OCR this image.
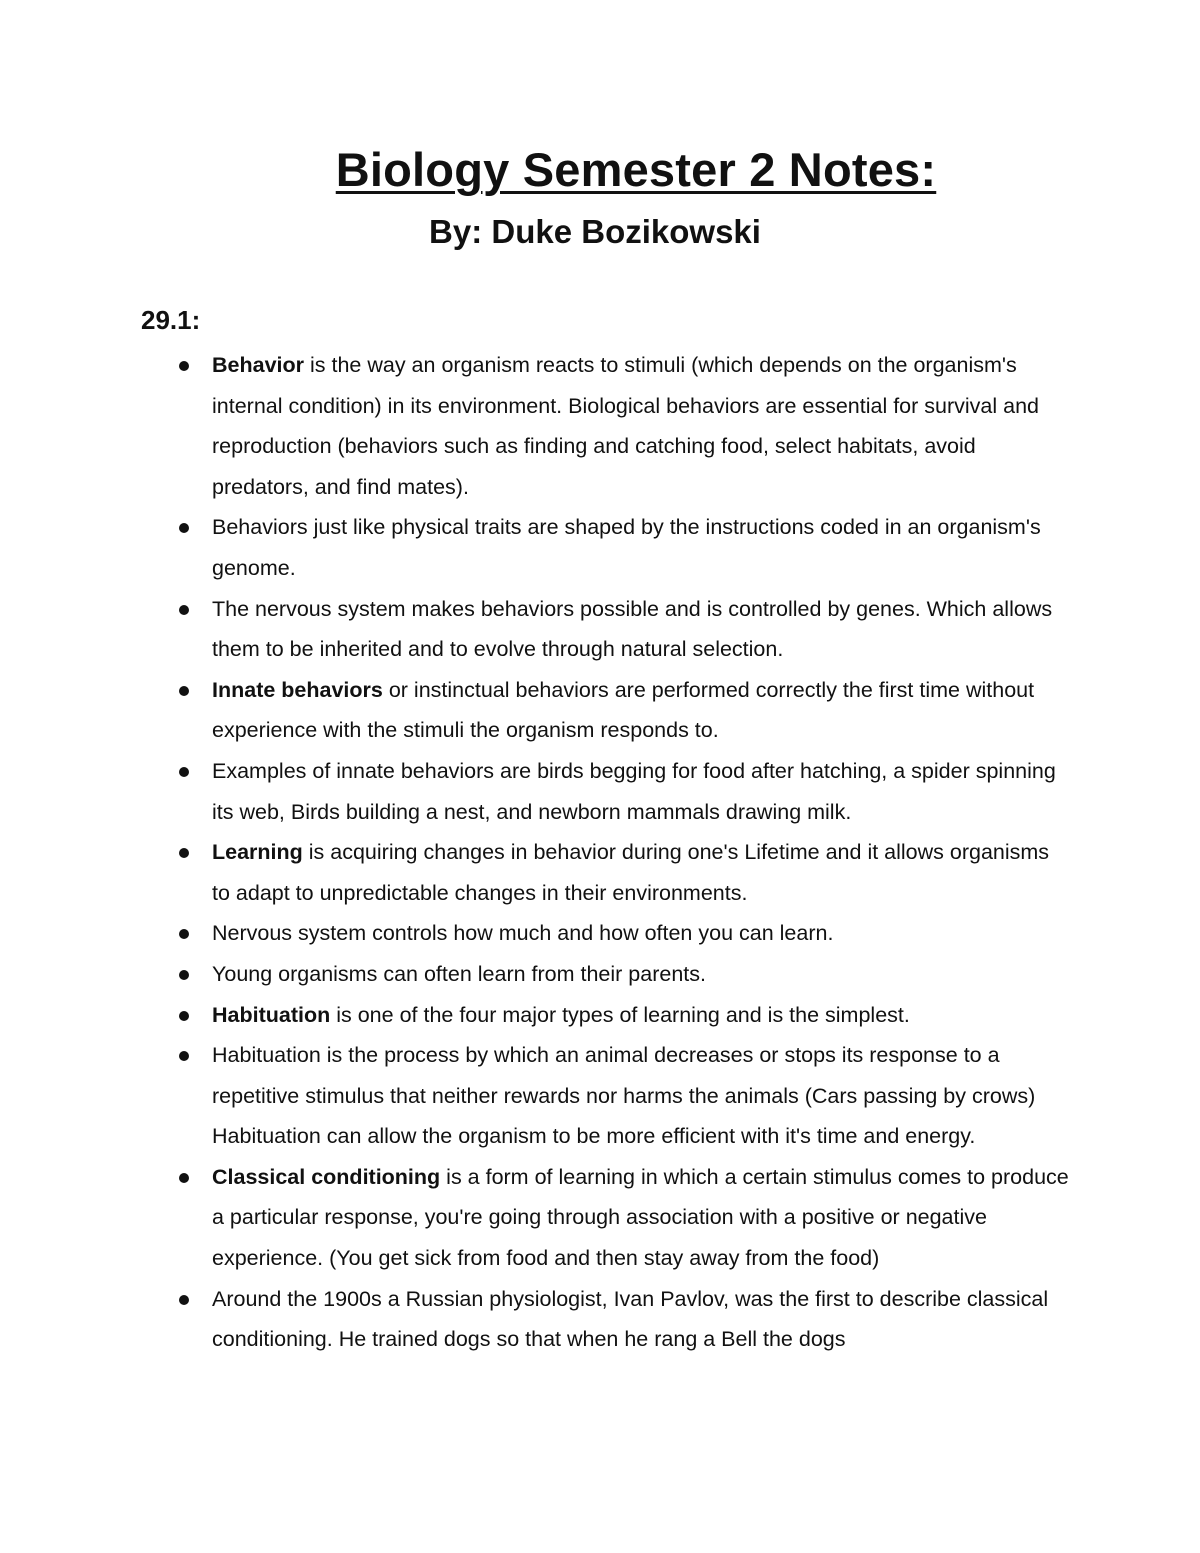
Biology Semester 2 Notes:
By: Duke Bozikowski
29.1:
Behavior is the way an organism reacts to stimuli (which depends on the organism's internal condition) in its environment. Biological behaviors are essential for survival and reproduction (behaviors such as finding and catching food, select habitats, avoid predators, and find mates).
Behaviors just like physical traits are shaped by the instructions coded in an organism's genome.
The nervous system makes behaviors possible and is controlled by genes. Which allows them to be inherited and to evolve through natural selection.
Innate behaviors or instinctual behaviors are performed correctly the first time without experience with the stimuli the organism responds to.
Examples of innate behaviors are birds begging for food after hatching, a spider spinning its web, Birds building a nest, and newborn mammals drawing milk.
Learning is acquiring changes in behavior during one's Lifetime and it allows organisms to adapt to unpredictable changes in their environments.
Nervous system controls how much and how often you can learn.
Young organisms can often learn from their parents.
Habituation is one of the four major types of learning and is the simplest.
Habituation is the process by which an animal decreases or stops its response to a repetitive stimulus that neither rewards nor harms the animals (Cars passing by crows) Habituation can allow the organism to be more efficient with it's time and energy.
Classical conditioning is a form of learning in which a certain stimulus comes to produce a particular response, you're going through association with a positive or negative experience. (You get sick from food and then stay away from the food)
Around the 1900s a Russian physiologist, Ivan Pavlov, was the first to describe classical conditioning. He trained dogs so that when he rang a Bell the dogs
